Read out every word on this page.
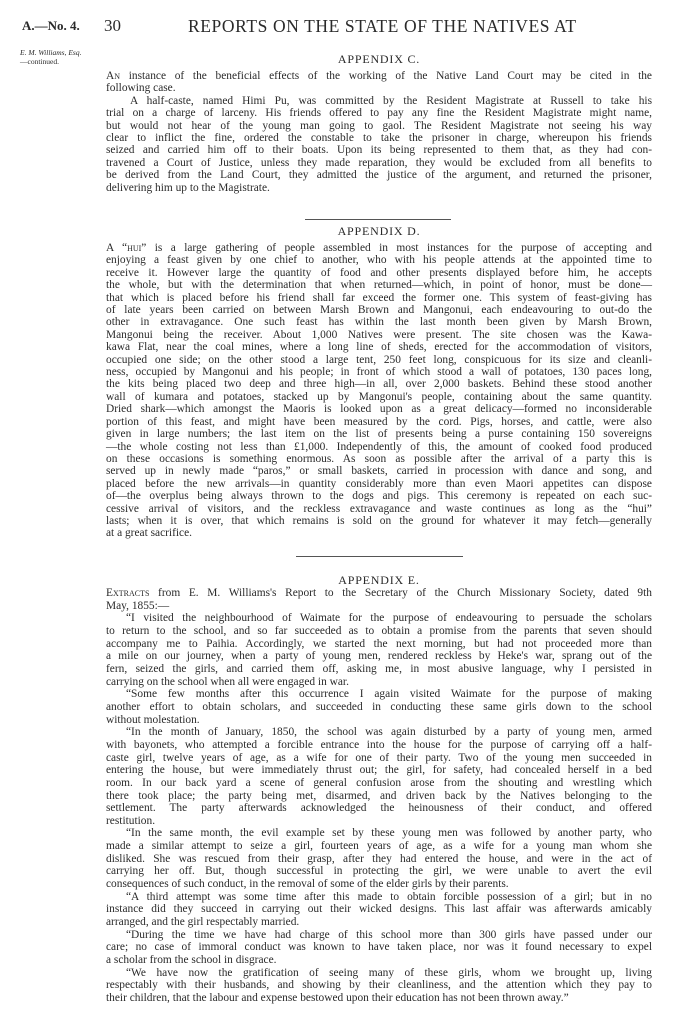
A.—No. 4. 30	REPORTS ON THE STATE OF THE NATIVES AT
E. M. Williams, Esq.
—continued.	APPENDIX C.
An instance of the beneficial effects of the working of the Native Land Court may be cited in the
following case.
A half-caste, named Himi Pu, was committed by the Resident Magistrate at Russell to take his
trial on a charge of larceny. His friends offered to pay any fine the Resident Magistrate might name,
but would not hear of the young man going to gaol. The Resident Magistrate not seeing his way
clear to inflict the fine, ordered the constable to take the prisoner in charge, whereupon his friends
seized and carried him off to their boats. Upon its being represented to them that, as they had con-
travened a Court of Justice, unless they made reparation, they would be excluded from all benefits to
be derived from the Land Court, they admitted the justice of the argument, and returned the prisoner,
delivering him up to the Magistrate.
APPENDIX D.
A “hui” is a large gathering of people assembled in most instances for the purpose of accepting and
enjoying a feast given by one chief to another, who with his people attends at the appointed time to
receive it. However large the quantity of food and other presents displayed before him, he accepts
the whole, but with the determination that when returned—which, in point of honor, must be done—
that which is placed before his friend shall far exceed the former one. This system of feast-giving has
of late years been carried on between Marsh Brown and Mangonui, each endeavouring to out-do the
other in extravagance. One such feast has within the last month been given by Marsh Brown,
Mangonui being the receiver. About 1,000 Natives were present. The site chosen was the Kawa-
kawa Flat, near the coal mines, where a long line of sheds, erected for the accommodation of visitors,
occupied one side; on the other stood a large tent, 250 feet long, conspicuous for its size and cleanli-
ness, occupied by Mangonui and his people; in front of which stood a wall of potatoes, 130 paces long,
the kits being placed two deep and three high—in all, over 2,000 baskets. Behind these stood another
wall of kumara and potatoes, stacked up by Mangonui's people, containing about the same quantity.
Dried shark—which amongst the Maoris is looked upon as a great delicacy—formed no inconsiderable
portion of this feast, and might have been measured by the cord. Pigs, horses, and cattle, were also
given in large numbers; the last item on the list of presents being a purse containing 150 sovereigns
—the whole costing not less than £1,000. Independently of this, the amount of cooked food produced
on these occasions is something enormous. As soon as possible after the arrival of a party this is
served up in newly made “paros,” or small baskets, carried in procession with dance and song, and
placed before the new arrivals—in quantity considerably more than even Maori appetites can dispose
of—the overplus being always thrown to the dogs and pigs. This ceremony is repeated on each suc-
cessive arrival of visitors, and the reckless extravagance and waste continues as long as the “hui”
lasts; when it is over, that which remains is sold on the ground for whatever it may fetch—generally
at a great sacrifice.
APPENDIX E.
Extracts from E. M. Williams's Report to the Secretary of the Church Missionary Society, dated 9th
May, 1855:—
“I visited the neighbourhood of Waimate for the purpose of endeavouring to persuade the scholars
to return to the school, and so far succeeded as to obtain a promise from the parents that seven should
accompany me to Paihia. Accordingly, we started the next morning, but had not proceeded more than
a mile on our journey, when a party of young men, rendered reckless by Heke's war, sprang out of the
fern, seized the girls, and carried them off, asking me, in most abusive language, why I persisted in
carrying on the school when all were engaged in war.
“Some few months after this occurrence I again visited Waimate for the purpose of making
another effort to obtain scholars, and succeeded in conducting these same girls down to the school
without molestation.
“In the month of January, 1850, the school was again disturbed by a party of young men, armed
with bayonets, who attempted a forcible entrance into the house for the purpose of carrying off a half-
caste girl, twelve years of age, as a wife for one of their party. Two of the young men succeeded in
entering the house, but were immediately thrust out; the girl, for safety, had concealed herself in a bed
room. In our back yard a scene of general confusion arose from the shouting and wrestling which
there took place; the party being met, disarmed, and driven back by the Natives belonging to the
settlement. The party afterwards acknowledged the heinousness of their conduct, and offered
restitution.
“In the same month, the evil example set by these young men was followed by another party, who
made a similar attempt to seize a girl, fourteen years of age, as a wife for a young man whom she
disliked. She was rescued from their grasp, after they had entered the house, and were in the act of
carrying her off. But, though successful in protecting the girl, we were unable to avert the evil
consequences of such conduct, in the removal of some of the elder girls by their parents.
“A third attempt was some time after this made to obtain forcible possession of a girl; but in no
instance did they succeed in carrying out their wicked designs. This last affair was afterwards amicably
arranged, and the girl respectably married.
“During the time we have had charge of this school more than 300 girls have passed under our
care; no case of immoral conduct was known to have taken place, nor was it found necessary to expel
a scholar from the school in disgrace.
“We have now the gratification of seeing many of these girls, whom we brought up, living
respectably with their husbands, and showing by their cleanliness, and the attention which they pay to
their children, that the labour and expense bestowed upon their education has not been thrown away.”
